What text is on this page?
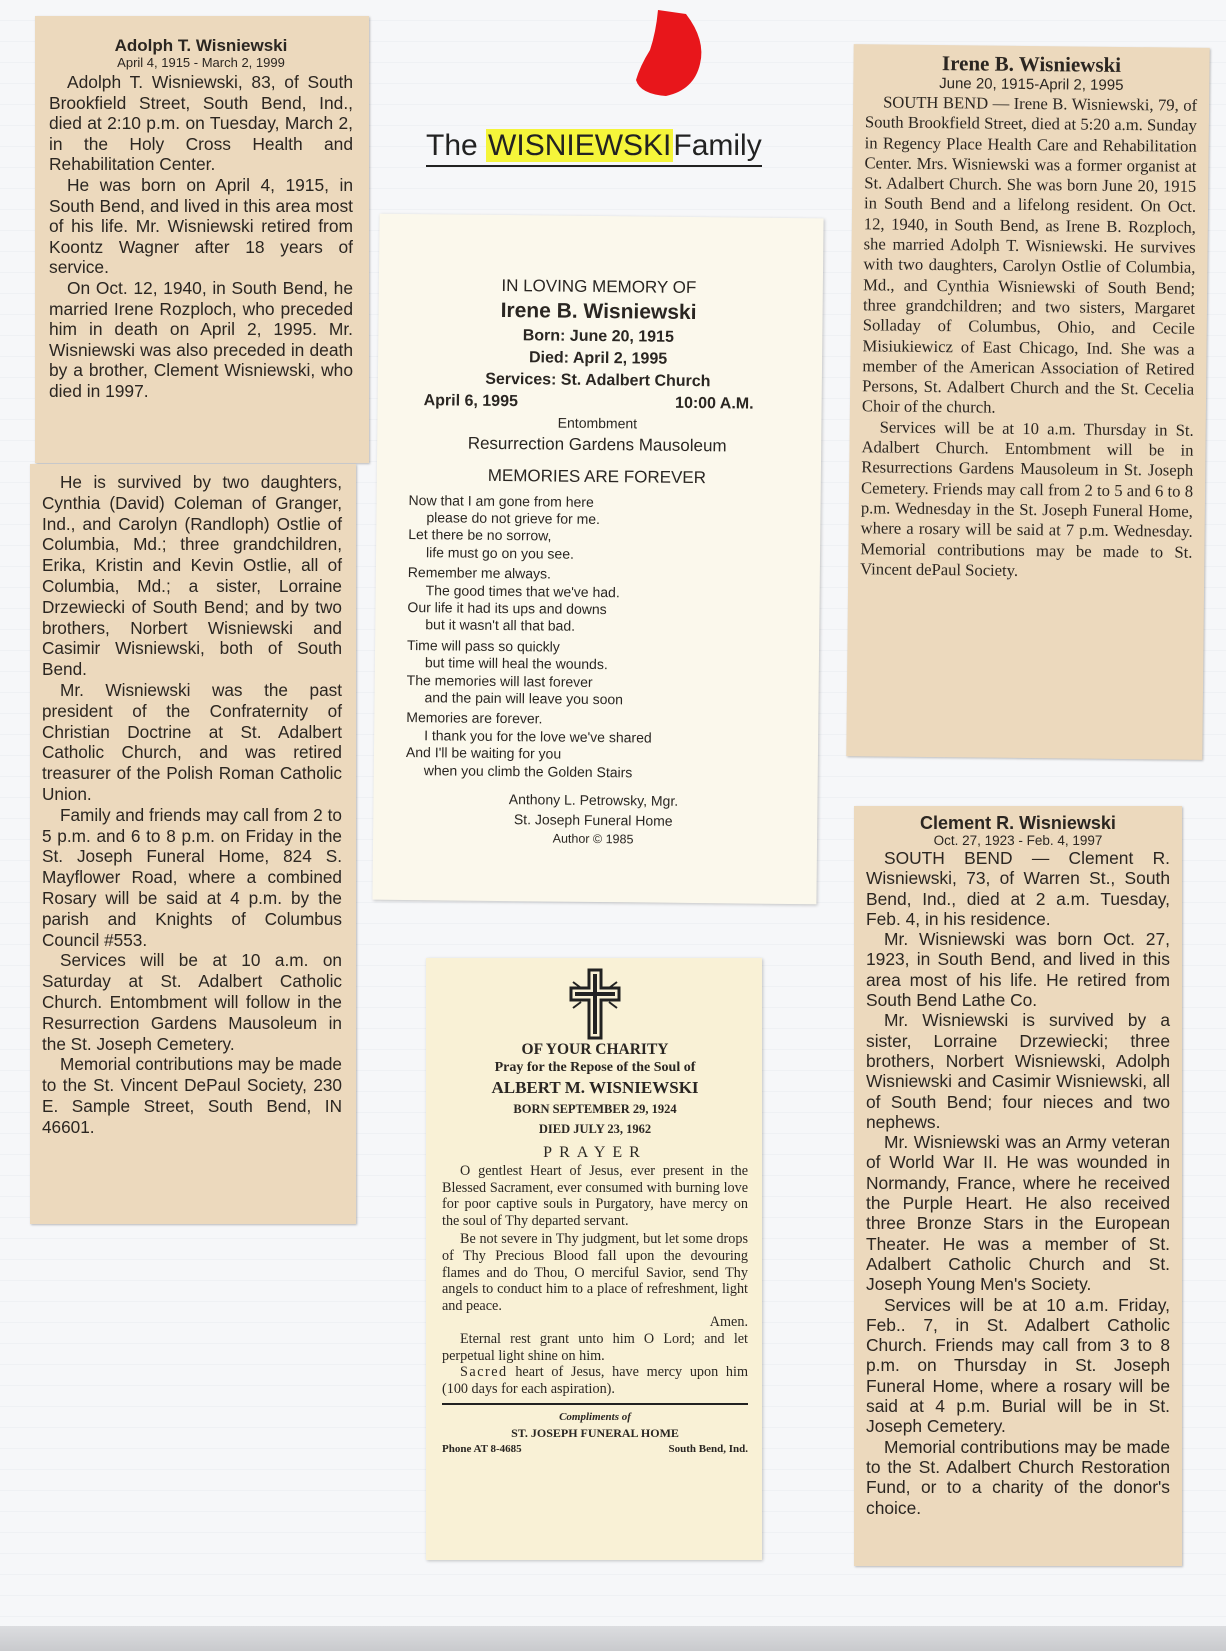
The WISNIEWSKIFamily
Adolph T. Wisniewski
April 4, 1915 - March 2, 1999

Adolph T. Wisniewski, 83, of South Brookfield Street, South Bend, Ind., died at 2:10 p.m. on Tuesday, March 2, in the Holy Cross Health and Rehabilitation Center.

He was born on April 4, 1915, in South Bend, and lived in this area most of his life. Mr. Wisniewski retired from Koontz Wagner after 18 years of service.

On Oct. 12, 1940, in South Bend, he married Irene Rozploch, who preceded him in death on April 2, 1995. Mr. Wisniewski was also preceded in death by a brother, Clement Wisniewski, who died in 1997.

He is survived by two daughters, Cynthia (David) Coleman of Granger, Ind., and Carolyn (Randloph) Ostlie of Columbia, Md.; three grandchildren, Erika, Kristin and Kevin Ostlie, all of Columbia, Md.; a sister, Lorraine Drzewiecki of South Bend; and by two brothers, Norbert Wisniewski and Casimir Wisniewski, both of South Bend.

Mr. Wisniewski was the past president of the Confraternity of Christian Doctrine at St. Adalbert Catholic Church, and was retired treasurer of the Polish Roman Catholic Union.

Family and friends may call from 2 to 5 p.m. and 6 to 8 p.m. on Friday in the St. Joseph Funeral Home, 824 S. Mayflower Road, where a combined Rosary will be said at 4 p.m. by the parish and Knights of Columbus Council #553.

Services will be at 10 a.m. on Saturday at St. Adalbert Catholic Church. Entombment will follow in the Resurrection Gardens Mausoleum in the St. Joseph Cemetery.

Memorial contributions may be made to the St. Vincent DePaul Society, 230 E. Sample Street, South Bend, IN 46601.

IN LOVING MEMORY OF
Irene B. Wisniewski
Born: June 20, 1915
Died: April 2, 1995
Services: St. Adalbert Church
April 6, 1995	10:00 A.M.
Entombment
Resurrection Gardens Mausoleum
MEMORIES ARE FOREVER
Now that I am gone from here
please do not grieve for me.
Let there be no sorrow,
life must go on you see.
Remember me always.
The good times that we've had.
Our life it had its ups and downs
but it wasn't all that bad.
Time will pass so quickly
but time will heal the wounds.
The memories will last forever
and the pain will leave you soon
Memories are forever.
I thank you for the love we've shared
And I'll be waiting for you
when you climb the Golden Stairs
Anthony L. Petrowsky, Mgr.
St. Joseph Funeral Home
Author © 1985
Irene B. Wisniewski
June 20, 1915-April 2, 1995

SOUTH BEND — Irene B. Wisniewski, 79, of South Brookfield Street, died at 5:20 a.m. Sunday in Regency Place Health Care and Rehabilitation Center. Mrs. Wisniewski was a former organist at St. Adalbert Church. She was born June 20, 1915 in South Bend and a lifelong resident. On Oct. 12, 1940, in South Bend, as Irene B. Rozploch, she married Adolph T. Wisniewski. He survives with two daughters, Carolyn Ostlie of Columbia, Md., and Cynthia Wisniewski of South Bend; three grandchildren; and two sisters, Margaret Solladay of Columbus, Ohio, and Cecile Misiukiewicz of East Chicago, Ind. She was a member of the American Association of Retired Persons, St. Adalbert Church and the St. Cecelia Choir of the church.

Services will be at 10 a.m. Thursday in St. Adalbert Church. Entombment will be in Resurrections Gardens Mausoleum in St. Joseph Cemetery. Friends may call from 2 to 5 and 6 to 8 p.m. Wednesday in the St. Joseph Funeral Home, where a rosary will be said at 7 p.m. Wednesday. Memorial contributions may be made to St. Vincent dePaul Society.

OF YOUR CHARITY
Pray for the Repose of the Soul of
ALBERT M. WISNIEWSKI
BORN SEPTEMBER 29, 1924
DIED JULY 23, 1962
PRAYER

O gentlest Heart of Jesus, ever present in the Blessed Sacrament, ever consumed with burning love for poor captive souls in Purgatory, have mercy on the soul of Thy departed servant.

Be not severe in Thy judgment, but let some drops of Thy Precious Blood fall upon the devouring flames and do Thou, O merciful Savior, send Thy angels to conduct him to a place of refreshment, light and peace.

Amen.

Eternal rest grant unto him O Lord; and let perpetual light shine on him.

Sacred heart of Jesus, have mercy upon him (100 days for each aspiration).

Compliments of
ST. JOSEPH FUNERAL HOME
Phone AT 8-4685	South Bend, Ind.
Clement R. Wisniewski
Oct. 27, 1923 - Feb. 4, 1997

SOUTH BEND — Clement R. Wisniewski, 73, of Warren St., South Bend, Ind., died at 2 a.m. Tuesday, Feb. 4, in his residence.

Mr. Wisniewski was born Oct. 27, 1923, in South Bend, and lived in this area most of his life. He retired from South Bend Lathe Co.

Mr. Wisniewski is survived by a sister, Lorraine Drzewiecki; three brothers, Norbert Wisniewski, Adolph Wisniewski and Casimir Wisniewski, all of South Bend; four nieces and two nephews.

Mr. Wisniewski was an Army veteran of World War II. He was wounded in Normandy, France, where he received the Purple Heart. He also received three Bronze Stars in the European Theater. He was a member of St. Adalbert Catholic Church and St. Joseph Young Men's Society.

Services will be at 10 a.m. Friday, Feb.. 7, in St. Adalbert Catholic Church. Friends may call from 3 to 8 p.m. on Thursday in St. Joseph Funeral Home, where a rosary will be said at 4 p.m. Burial will be in St. Joseph Cemetery.

Memorial contributions may be made to the St. Adalbert Church Restoration Fund, or to a charity of the donor's choice.
